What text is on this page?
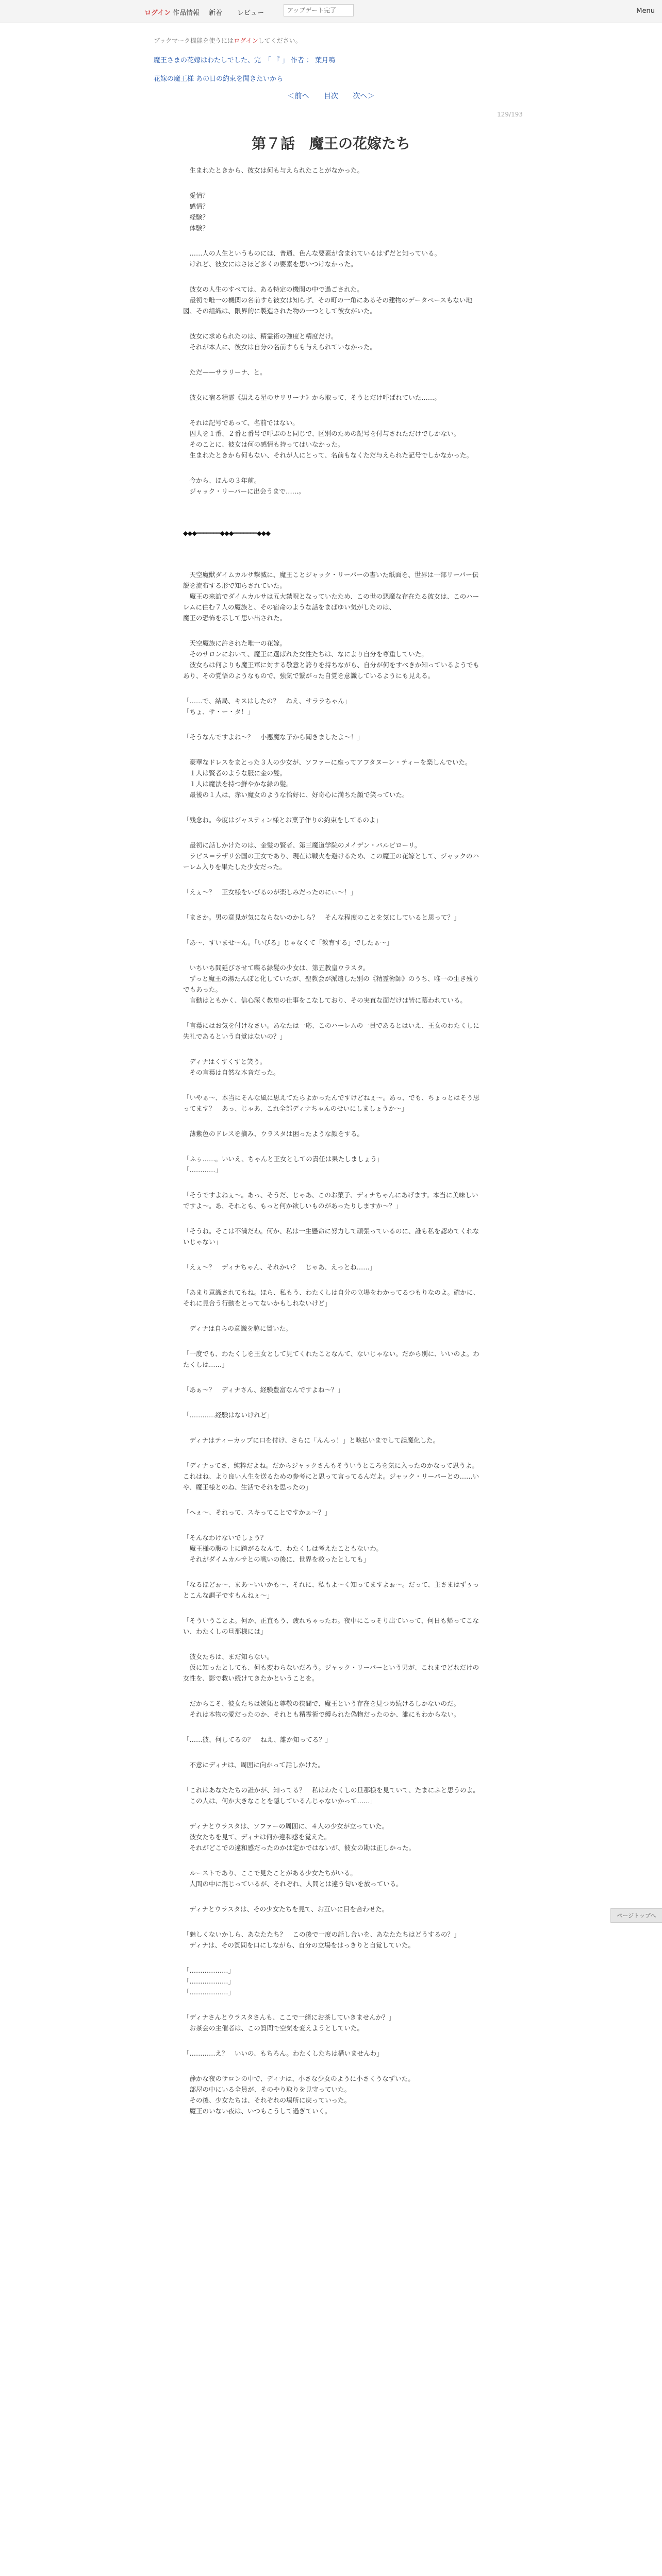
ログイン 作品情報 新着 レビュー
アップデート完了	Menu
ブックマーク機能を使うにはログインしてください。
魔王さまの花嫁はわたしでした、完　「 『 」 作者 ： 葉月鳴
花嫁の魔王様 あの日の約束を聞きたいから
＜前へ 目次 次へ＞
129/193
第７話　魔王の花嫁たち

　生まれたときから、彼女は何も与えられたことがなかった。

　愛情？
　感情？
　経験？
　体験？

　……人の人生というものには、普通、色んな要素が含まれているはずだと知っている。
　けれど、彼女にはさほど多くの要素を思いつけなかった。

　彼女の人生のすべては、ある特定の機関の中で過ごされた。
　最初で唯一の機関の名前すら彼女は知らず、その町の一角にあるその建物のデータベースもない地図、その組織は、限界的に製造された物の一つとして彼女がいた。

　彼女に求められたのは、精霊術の強度と精度だけ。
　それが本人に、彼女は自分の名前すらも与えられていなかった。

　ただ——サラリーナ、と。

　彼女に宿る精霊《黒える星のサリリーナ》から取って、そうとだけ呼ばれていた……。

　それは記号であって、名前ではない。
　囚人を１番、２番と番号で呼ぶのと同じで、区別のための記号を付与されただけでしかない。
　そのことに、彼女は何の感情も持ってはいなかった。
　生まれたときから何もない、それが人にとって、名前もなくただ与えられた記号でしかなかった。

　今から、ほんの３年前。
　ジャック・リーパーに出会うまで……。

◆◆◆━━━━━━━◆◆◆━━━━━━━◆◆◆

　天空魔獣ダイムカルサ撃滅に、魔王ことジャック・リーパーの書いた紙面を、世界は一部リーパー伝説を流布する形で知らされていた。
　魔王の来訪でダイムカルサは五大禁呪となっていたため、この世の悪魔な存在たる彼女は、このハーレムに住む７人の魔族と、その宿命のような話をまばゆい気がしたのは、
魔王の恐怖を示して思い出された。

　天空魔族に許された唯一の花嫁。
　そのサロンにおいて、魔王に選ばれた女性たちは、なにより自分を尊重していた。
　彼女らは何よりも魔王軍に対する敬意と誇りを持ちながら、自分が何をすべきか知っているようでもあり、その覚悟のようなもので、強気で繋がった自覚を意識しているようにも見える。

「……で、結局、キスはしたの？　ねえ、サララちゃん」
「ちょ、サ・ー・タ！」

「そうなんですよね〜？　小悪魔な子から聞きましたよ〜！」

　豪華なドレスをまとった３人の少女が、ソファーに座ってアフタヌーン・ティーを楽しんでいた。
　１人は賢者のような服に金の髪。
　１人は魔法を持つ鮮やかな緑の髪。
　最後の１人は、赤い魔女のような恰好に、好奇心に満ちた顔で笑っていた。

「残念ね。今度はジャスティン様とお菓子作りの約束をしてるのよ」

　最初に話しかけたのは、金髪の賢者、第三魔道学院のメイデン・バルビローリ。
　ラピス＝ラザリ公国の王女であり、現在は戦火を避けるため、この魔王の花嫁として、ジャックのハーレム入りを果たした少女だった。

「えぇ〜？　王女様をいびるのが楽しみだったのにぃ〜！」

「まさか。男の意見が気にならないのかしら？　そんな程度のことを気にしていると思って？」

「あ〜、すいませ〜ん。「いびる」じゃなくて「教育する」でしたぁ〜」

　いちいち間延びさせて喋る緑髪の少女は、第五教皇ウラスタ。
　ずっと魔王の湯たんぽと化していたが、聖教会が派遣した別の《精霊術師》のうち、唯一の生き残りでもあった。
　言動はともかく、信心深く教皇の仕事をこなしており、その実直な面だけは皆に慕われている。

「言葉にはお気を付けなさい。あなたは一応、このハーレムの一員であるとはいえ、王女のわたくしに失礼であるという自覚はないの？」

　ディナはくすくすと笑う。
　その言葉は自然な本音だった。

「いやぁ〜、本当にそんな風に思えてたらよかったんですけどねぇ〜。あっ、でも、ちょっとはそう思ってます？　あっ、じゃあ、これ全部ディナちゃんのせいにしましょうか〜」

　薄紫色のドレスを摘み、ウラスタは困ったような顔をする。

「ふぅ……。いいえ、ちゃんと王女としての責任は果たしましょう」
「…………」

「そうですよねぇ〜。あっ、そうだ、じゃあ、このお菓子、ディナちゃんにあげます。本当に美味しいですよ〜。あ、それとも、もっと何か欲しいものがあったりしますか〜？」

「そうね。そこは不満だわ。何か、私は一生懸命に努力して頑張っているのに、誰も私を認めてくれないじゃない」

「えぇ〜？　ディナちゃん、それかい？　じゃあ、えっとね……」

「あまり意識されてもね。ほら、私もう、わたくしは自分の立場をわかってるつもりなのよ。確かに、それに見合う行動をとってないかもしれないけど」

　ディナは自らの意識を脇に置いた。

「一度でも、わたくしを王女として見てくれたことなんて、ないじゃない。だから別に、いいのよ。わたくしは……」

「あぁ〜？　ディナさん、経験豊富なんですよね〜？」

「…………経験はないけれど」

　ディナはティーカップに口を付け、さらに「んんっ！」と咳払いまでして誤魔化した。

「ディナってさ、純粋だよね。だからジャックさんもそういうところを気に入ったのかなって思うよ。これはね、より良い人生を送るための参考にと思って言ってるんだよ。ジャック・リーパーとの……いや、魔王様とのね、生活でそれを思ったの」

「へぇ〜、それって、スキってことですかぁ〜？」

「そんなわけないでしょう？
　魔王様の腹の上に跨がるなんて、わたくしは考えたこともないわ。
　それがダイムカルサとの戦いの後に、世界を救ったとしても」

「なるほどぉ〜、まあ〜いいかも〜、それに、私もよ〜く知ってますよぉ〜。だって、主さまはずぅっとこんな調子ですもんねぇ〜」

「そういうことよ。何か、正直もう、疲れちゃったわ。夜中にこっそり出ていって、何日も帰ってこない、わたくしの旦那様には」

　彼女たちは、まだ知らない。
　仮に知ったとしても、何も変わらないだろう。ジャック・リーパーという男が、これまでどれだけの女性を、影で救い続けてきたかということを。

　だからこそ、彼女たちは嫉妬と尊敬の狭間で、魔王という存在を見つめ続けるしかないのだ。
　それは本物の愛だったのか、それとも精霊術で縛られた偽物だったのか、誰にもわからない。

「……彼、何してるの？　ねえ、誰か知ってる？」

　不意にディナは、周囲に向かって話しかけた。

「これはあなたたちの誰かが、知ってる？　私はわたくしの旦那様を見ていて、たまにふと思うのよ。
　この人は、何か大きなことを隠しているんじゃないかって……」

　ディナとウラスタは、ソファーの周囲に、４人の少女が立っていた。
　彼女たちを見て、ディナは何か違和感を覚えた。
　それがどこでの違和感だったのかは定かではないが、彼女の勘は正しかった。

　ルーストであり、ここで見たことがある少女たちがいる。
　人間の中に混じっているが、それぞれ、人間とは違う匂いを放っている。

　ディナとウラスタは、その少女たちを見て、お互いに目を合わせた。

「魅しくないかしら、あなたたち？　この後で一度の話し合いを、あなたたちはどうするの？」
　ディナは、その質問を口にしながら、自分の立場をはっきりと自覚していた。

「………………」
「………………」
「………………」

「ディナさんとウラスタさんも、ここで一緒にお茶していきませんか？」
　お茶会の主催者は、この質問で空気を変えようとしていた。

「…………え？　いいの、もちろん。わたくしたちは構いませんわ」

　静かな夜のサロンの中で、ディナは、小さな少女のように小さくうなずいた。
　部屋の中にいる全員が、そのやり取りを見守っていた。
　その後、少女たちは、それぞれの場所に戻っていった。
　魔王のいない夜は、いつもこうして過ぎていく。

ページトップへ
